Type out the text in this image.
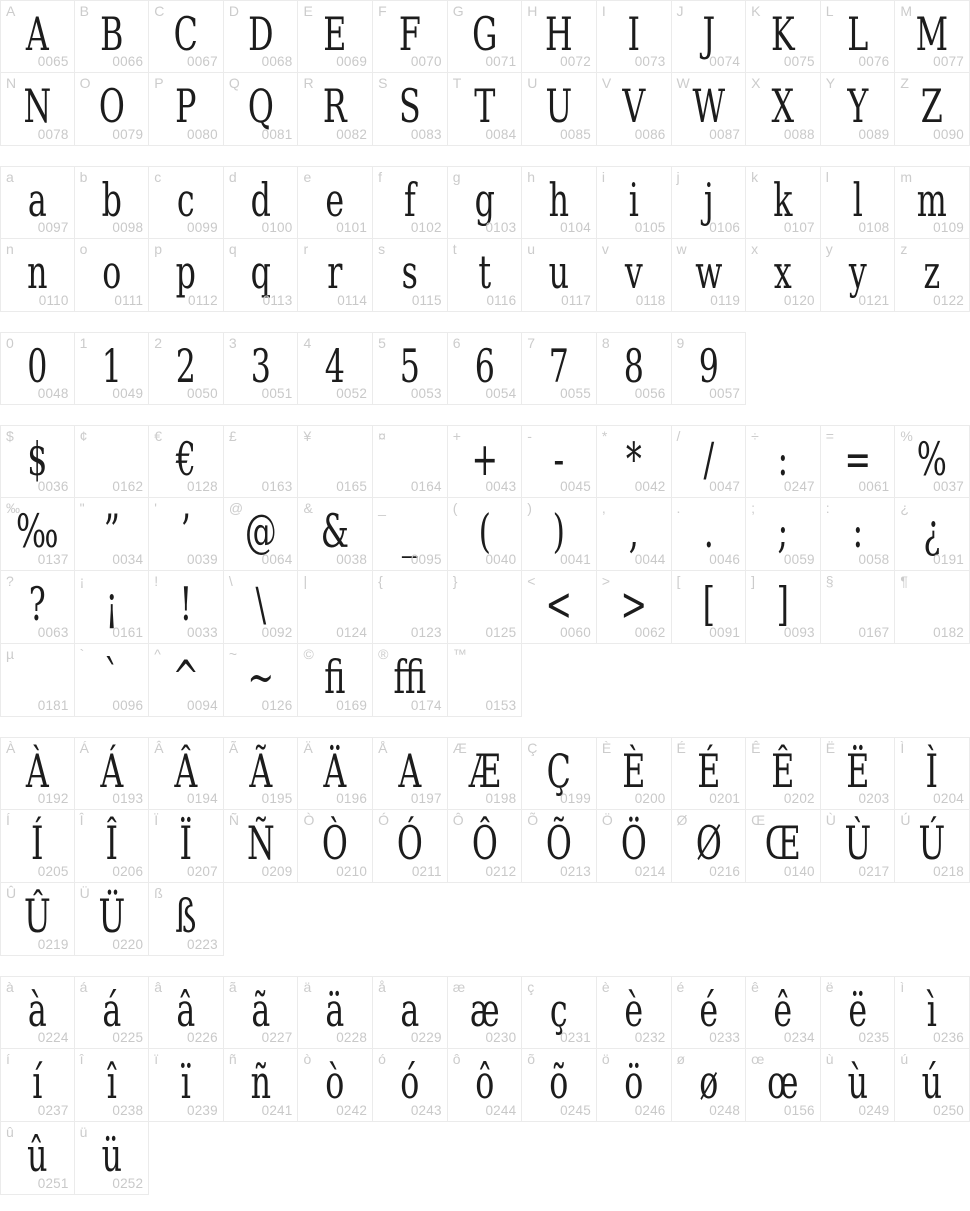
A A
0065
B B
0066
C C
0067
D D
0068
E E
0069
F F
0070
G G
0071
H H
0072
I I
0073
J J
0074
K K
0075
L L
0076
M M
0077
N N
0078
O O
0079
P P
0080
Q Q
0081
R R
0082
S S
0083
T T
0084
U U
0085
V V
0086
W W
0087
X X
0088
Y Y
0089
Z Z
0090
a a
0097
b b
0098
c c
0099
d d
0100
e e
0101
f f
0102
g g
0103
h h
0104
i i
0105
j j
0106
k k
0107
l l
0108
m m
0109
n n
0110
o o
0111
p p
0112
q q
0113
r r
0114
s s
0115
t t
0116
u u
0117
v v
0118
w w
0119
x x
0120
y y
0121
z z
0122
0 0
0048
1 1
0049
2 2
0050
3 3
0051
4 4
0052
5 5
0053
6 6
0054
7 7
0055
8 8
0056
9 9
0057
$ $
0036
¢
0162
€ €
0128
£
0163
¥
0165
¤
0164
+ +
0043
- -
0045
* *
0042
/ /
0047
÷ :
0247
= =
0061
% %
0037
‰
‰
0137
" ”
0034
' ’
0039
@ @
0064
& &
0038
_ _
0095
( (
0040
) )
0041
, ,
0044
. .
0046
; ;
0059
: :
0058
¿ ¿
0191
? ?
0063
¡ ¡
0161
! !
0033
\ \
0092
|
0124
{
0123
}
0125
< <
0060
> >
0062
[ [
0091
] ]
0093
§
0167
¶
0182
µ
0181
` `
0096
^ ^
0094
~ ~
0126
© ﬁ
0169
® ﬃ
0174
™
0153
À À
0192
Á Á
0193
Â Â
0194
Ã Ã
0195
Ä Ä
0196
Å A
0197
Æ Æ
0198
Ç Ç
0199
È È
0200
É É
0201
Ê Ê
0202
Ë Ë
0203
Ì Ì
0204
Í Í
0205
Î Î
0206
Ï Ï
0207
Ñ Ñ
0209
Ò Ò
0210
Ó Ó
0211
Ô Ô
0212
Õ Õ
0213
Ö Ö
0214
Ø Ø
0216
Œ Œ
0140
Ù Ù
0217
Ú Ú
0218
Û Û
0219
Ü Ü
0220
ß ß
0223
à à
0224
á á
0225
â â
0226
ã ã
0227
ä ä
0228
å a
0229
æ æ
0230
ç ç
0231
è è
0232
é é
0233
ê ê
0234
ë ë
0235
ì ì
0236
í í
0237
î î
0238
ï ï
0239
ñ ñ
0241
ò ò
0242
ó ó
0243
ô ô
0244
õ õ
0245
ö ö
0246
ø ø
0248
œ œ
0156
ù ù
0249
ú ú
0250
û û
0251
ü ü
0252
